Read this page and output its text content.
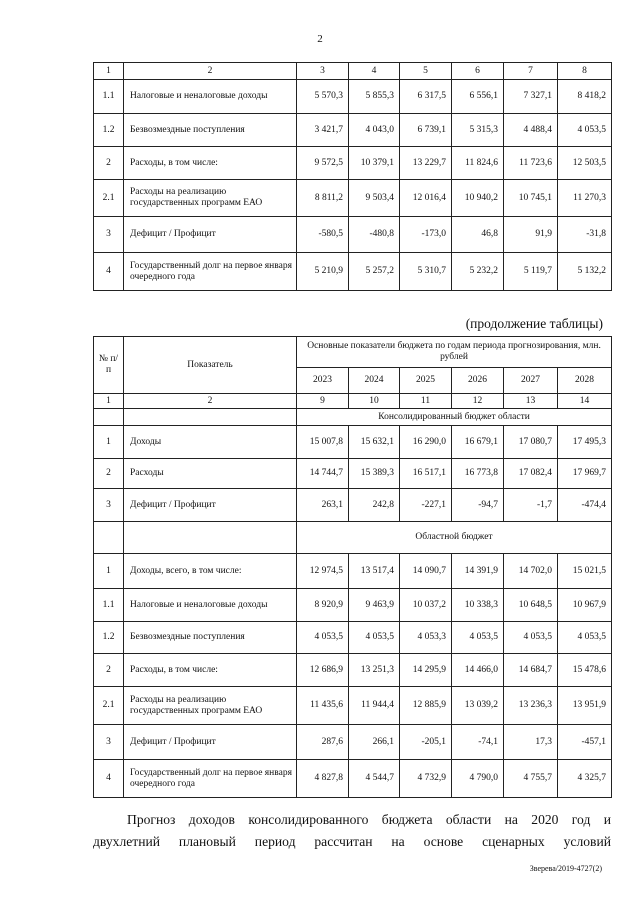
2
1	2	3	4	5	6	7	8
1.1	Налоговые и неналоговые доходы	5 570,3	5 855,3	6 317,5	6 556,1	7 327,1	8 418,2
1.2	Безвозмездные поступления	3 421,7	4 043,0	6 739,1	5 315,3	4 488,4	4 053,5
2	Расходы, в том числе:	9 572,5	10 379,1	13 229,7	11 824,6	11 723,6	12 503,5
2.1	Расходы на реализацию государственных программ ЕАО	8 811,2	9 503,4	12 016,4	10 940,2	10 745,1	11 270,3
3	Дефицит / Профицит	-580,5	-480,8	-173,0	46,8	91,9	-31,8
4	Государственный долг на первое января очередного года	5 210,9	5 257,2	5 310,7	5 232,2	5 119,7	5 132,2
(продолжение таблицы)
№ п/п	Показатель	Основные показатели бюджета по годам периода прогнозирования, млн. рублей					
		2023	2024	2025	2026	2027	2028
1	2	9	10	11	12	13	14
		Консолидированный бюджет области					
1	Доходы	15 007,8	15 632,1	16 290,0	16 679,1	17 080,7	17 495,3
2	Расходы	14 744,7	15 389,3	16 517,1	16 773,8	17 082,4	17 969,7
3	Дефицит / Профицит	263,1	242,8	-227,1	-94,7	-1,7	-474,4
		Областной бюджет					
1	Доходы, всего, в том числе:	12 974,5	13 517,4	14 090,7	14 391,9	14 702,0	15 021,5
1.1	Налоговые и неналоговые доходы	8 920,9	9 463,9	10 037,2	10 338,3	10 648,5	10 967,9
1.2	Безвозмездные поступления	4 053,5	4 053,5	4 053,3	4 053,5	4 053,5	4 053,5
2	Расходы, в том числе:	12 686,9	13 251,3	14 295,9	14 466,0	14 684,7	15 478,6
2.1	Расходы на реализацию государственных программ ЕАО	11 435,6	11 944,4	12 885,9	13 039,2	13 236,3	13 951,9
3	Дефицит / Профицит	287,6	266,1	-205,1	-74,1	17,3	-457,1
4	Государственный долг на первое января очередного года	4 827,8	4 544,7	4 732,9	4 790,0	4 755,7	4 325,7
Прогноз доходов консолидированного бюджета области на 2020 год и
двухлетний плановый период рассчитан на основе сценарных условий
Зверева/2019-4727(2)
